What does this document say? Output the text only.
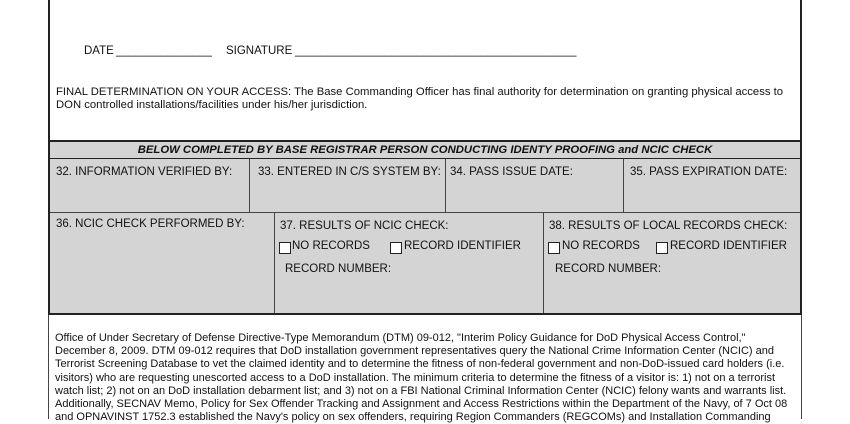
DATE _______________ SIGNATURE ____________________________________________
FINAL DETERMINATION ON YOUR ACCESS: The Base Commanding Officer has final authority for determination on granting physical access to
DON controlled installations/facilities under his/her jurisdiction.
BELOW COMPLETED BY BASE REGISTRAR PERSON CONDUCTING IDENTY PROOFING and NCIC CHECK
32. INFORMATION VERIFIED BY: 33. ENTERED IN C/S SYSTEM BY: 34. PASS ISSUE DATE:	35. PASS EXPIRATION DATE:
36. NCIC CHECK PERFORMED BY:	37. RESULTS OF NCIC CHECK:
NO RECORDS	RECORD IDENTIFIER
RECORD NUMBER:
38. RESULTS OF LOCAL RECORDS CHECK:
NO RECORDS	RECORD IDENTIFIER
RECORD NUMBER:
Office of Under Secretary of Defense Directive-Type Memorandum (DTM) 09-012, "Interim Policy Guidance for DoD Physical Access Control,"
December 8, 2009. DTM 09-012 requires that DoD installation government representatives query the National Crime Information Center (NCIC) and
Terrorist Screening Database to vet the claimed identity and to determine the fitness of non-federal government and non-DoD-issued card holders (i.e.
visitors) who are requesting unescorted access to a DoD installation. The minimum criteria to determine the fitness of a visitor is: 1) not on a terrorist
watch list; 2) not on an DoD installation debarment list; and 3) not on a FBI National Criminal Information Center (NCIC) felony wants and warrants list.
Additionally, SECNAV Memo, Policy for Sex Offender Tracking and Assignment and Access Restrictions within the Department of the Navy, of 7 Oct 08
and OPNAVINST 1752.3 established the Navy's policy on sex offenders, requiring Region Commanders (REGCOMs) and Installation Commanding
